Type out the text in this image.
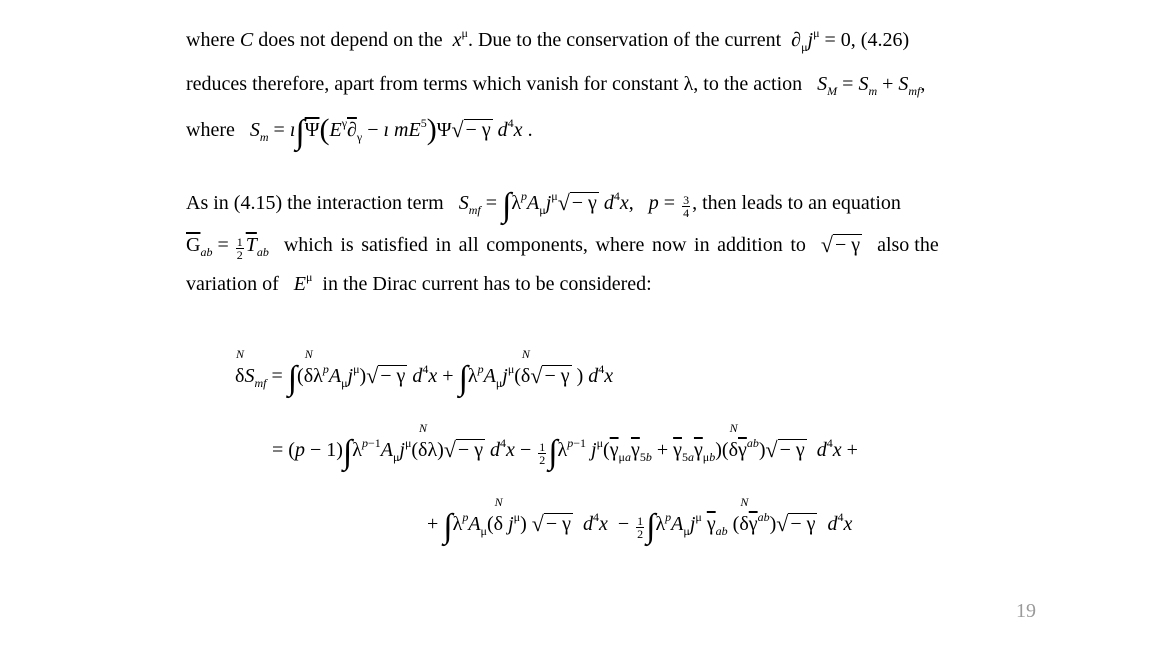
where C does not depend on the $x^\mu$. Due to the conservation of the current  $\partial_\mu j^\mu = 0$, (4.26)
reduces therefore, apart from terms which vanish for constant λ, to the action $S_M = S_m + S_{mf}$,
where $S_m$ = $ı\int\overline{\Psi}(E^\gamma\partial_\gamma$ − ı $mE^5)\Psi√ - \gamma$ $d^4x$ .
As in (4.15) the interaction term $S_{mf} = \int\lambda^pA_\mu j^\mu√ - \gamma$ $d^4x$,   $p = \frac{3}{4}$ , then leads to an equation
$\overline{G}_{ab} = \frac{1}{2} \overline{T}_{ab}$ which is satisfied in all components, where now in addition to √ − γ also the
variation of $E^\mu$ in the Dirac current has to be considered:
δ
N
$S_{mf} = \int(\delta$
N
$\lambda^pA_\mu j^\mu)√ - \gamma$ $d^4x + \int\lambda^pA_\mu j^\mu(\delta$
N
√ − γ ) $d^4x$
= $(p - 1)\int\lambda^{p-1}A_\mu j^\mu(\delta$
N
λ)√ − γ $d^4x - \frac{1}{2} \int\lambda^{p-1}$ $j^\mu(\overline{\gamma}_{\mu a}\overline{\gamma}_{5b} + \overline{\gamma}_{5a}\overline{\gamma}_{\mu b})(\delta$
N
$\overline{\gamma}^{ab})√ - \gamma$ $d^4x$ +
+ $\int\lambda^pA_\mu(\delta$
N
$j^\mu$) √ − γ $d^4x - \frac{1}{2} \int\lambda^pA_\mu j^\mu$ $\overline{\gamma}_{ab}$ (δ
N
$\overline{\gamma}^{ab})√ - \gamma$ $d^4x$
19
